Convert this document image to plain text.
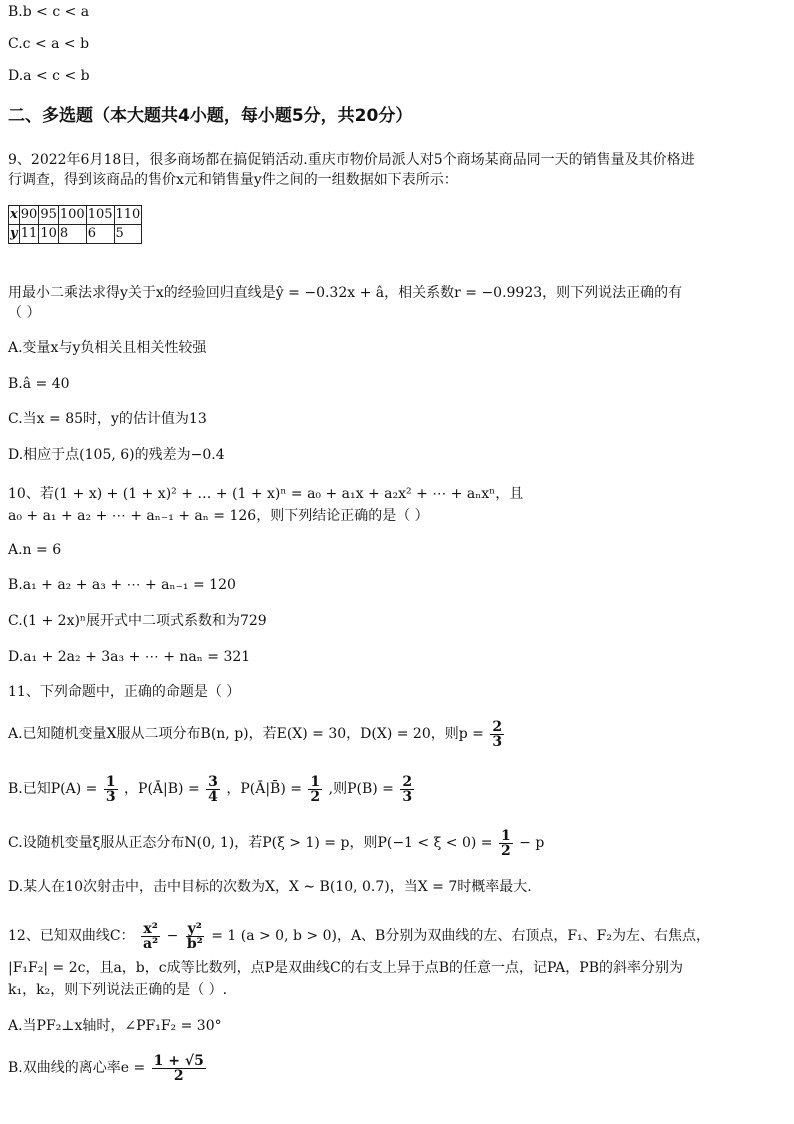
B.b < c < a
C.c < a < b
D.a < c < b
二、多选题（本大题共4小题，每小题5分，共20分）
9、2022年6月18日，很多商场都在搞促销活动.重庆市物价局派人对5个商场某商品同一天的销售量及其价格进
行调查，得到该商品的售价x元和销售量y件之间的一组数据如下表所示：
x	90	95	100	105	110
y	11	10	8	6	5
用最小二乘法求得y关于x的经验回归直线是ŷ = −0.32x + â，相关系数r = −0.9923，则下列说法正确的有
（ ）
A.变量x与y负相关且相关性较强
B.â = 40
C.当x = 85时，y的估计值为13
D.相应于点(105, 6)的残差为−0.4
10、若(1 + x) + (1 + x)² + … + (1 + x)ⁿ = a₀ + a₁x + a₂x² + ⋯ + aₙxⁿ，且
a₀ + a₁ + a₂ + ⋯ + aₙ₋₁ + aₙ = 126，则下列结论正确的是（ ）
A.n = 6
B.a₁ + a₂ + a₃ + ⋯ + aₙ₋₁ = 120
C.(1 + 2x)ⁿ展开式中二项式系数和为729
D.a₁ + 2a₂ + 3a₃ + ⋯ + naₙ = 321
11、下列命题中，正确的命题是（ ）
A.已知随机变量X服从二项分布B(n, p)，若E(X) = 30，D(X) = 20，则$p = \frac{2}{3}$
B.已知$P(A) = \frac{1}{3}$ ，P(Ā|B) = $\frac{3}{4}$ ，P(Ā|B̄) = $\frac{1}{2}$ ,则$P(B) = \frac{2}{3}$
C.设随机变量ξ服从正态分布N(0, 1)，若P(ξ > 1) = p，则$P(-1 < \xi < 0) = \frac{1}{2} - p$
D.某人在10次射击中，击中目标的次数为X，X ∼ B(10, 0.7)，当X = 7时概率最大.
12、已知双曲线C： $\frac{\text{x²}}{\text{a²}} - \frac{\text{y²}}{\text{b²}} = 1$ (a > 0, b > 0)，A、B分别为双曲线的左、右顶点，F₁、F₂为左、右焦点，
|F₁F₂| = 2c，且a，b，c成等比数列，点P是双曲线C的右支上异于点B的任意一点，记PA，PB的斜率分别为
k₁，k₂，则下列说法正确的是（ ）.
A.当PF₂⊥x轴时，∠PF₁F₂ = 30°
B.双曲线的离心率$e = \frac{1 + √5}{2}$
